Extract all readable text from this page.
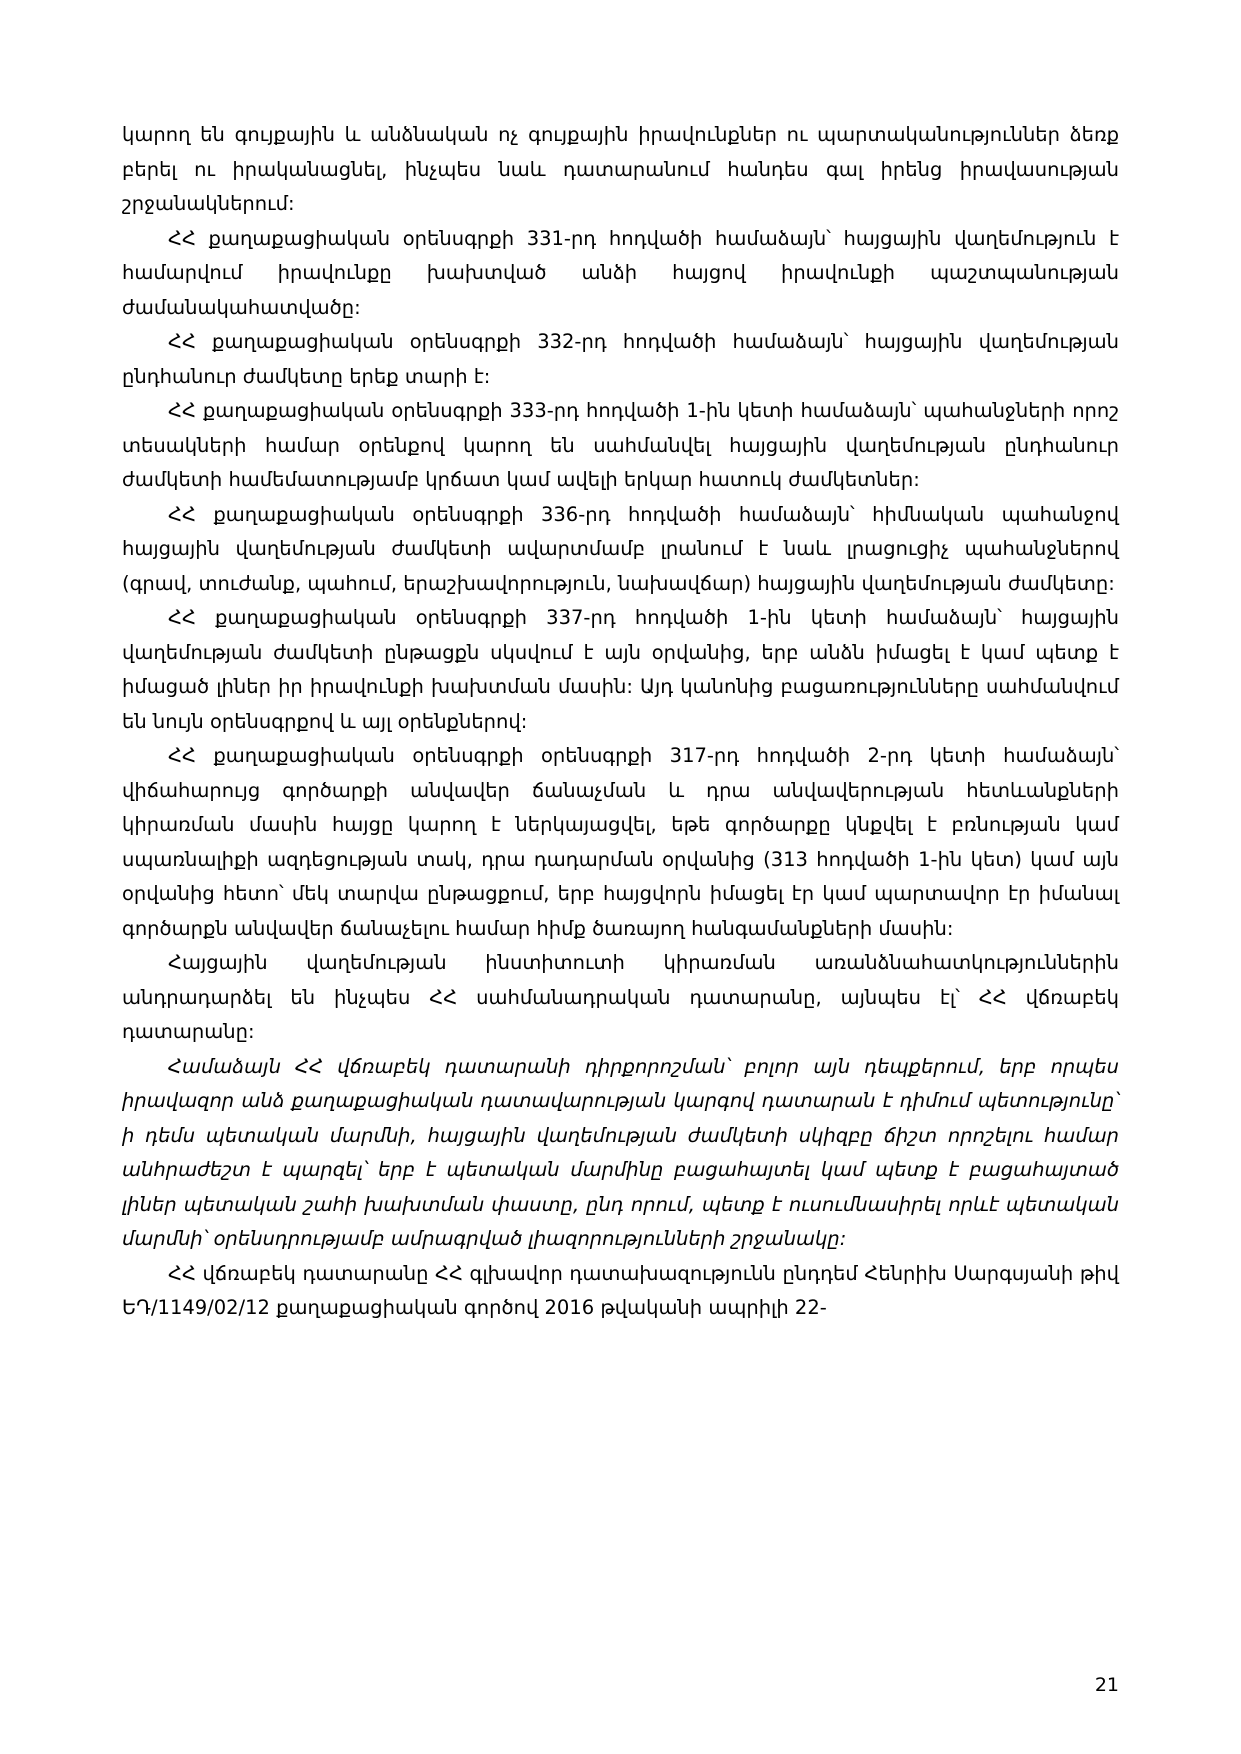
կարող են գույքային և անձնական ոչ գույքային իրավունքներ ու պարտականություններ ձեռք բերել ու իրականացնել, ինչպես նաև դատարանում հանդես գալ իրենց իրավասության շրջանակներում:

ՀՀ քաղաքացիական օրենսգրքի 331-րդ հոդվածի համաձայն՝ հայցային վաղեմություն է համարվում իրավունքը խախտված անձի հայցով իրավունքի պաշտպանության ժամանակահատվածը:

ՀՀ քաղաքացիական օրենսգրքի 332-րդ հոդվածի համաձայն՝ հայցային վաղեմության ընդհանուր ժամկետը երեք տարի է:

ՀՀ քաղաքացիական օրենսգրքի 333-րդ հոդվածի 1-ին կետի համաձայն՝ պահանջների որոշ տեսակների համար օրենքով կարող են սահմանվել հայցային վաղեմության ընդհանուր ժամկետի համեմատությամբ կրճատ կամ ավելի երկար հատուկ ժամկետներ:

ՀՀ քաղաքացիական օրենսգրքի 336-րդ հոդվածի համաձայն՝ հիմնական պահանջով հայցային վաղեմության ժամկետի ավարտմամբ լրանում է նաև լրացուցիչ պահանջներով (գրավ, տուժանք, պահում, երաշխավորություն, նախավճար) հայցային վաղեմության ժամկետը:

ՀՀ քաղաքացիական օրենսգրքի 337-րդ հոդվածի 1-ին կետի համաձայն՝ հայցային վաղեմության ժամկետի ընթացքն սկսվում է այն օրվանից, երբ անձն իմացել է կամ պետք է իմացած լիներ իր իրավունքի խախտման մասին: Այդ կանոնից բացառությունները սահմանվում են նույն օրենսգրքով և այլ օրենքներով:

ՀՀ քաղաքացիական օրենսգրքի օրենսգրքի 317-րդ հոդվածի 2-րդ կետի համաձայն՝ վիճահարույց գործարքի անվավեր ճանաչման և դրա անվավերության հետևանքների կիրառման մասին հայցը կարող է ներկայացվել, եթե գործարքը կնքվել է բռնության կամ սպառնալիքի ազդեցության տակ, դրա դադարման օրվանից (313 հոդվածի 1-ին կետ) կամ այն օրվանից հետո՝ մեկ տարվա ընթացքում, երբ հայցվորն իմացել էր կամ պարտավոր էր իմանալ գործարքն անվավեր ճանաչելու համար հիմք ծառայող հանգամանքների մասին:

Հայցային վաղեմության ինստիտուտի կիրառման առանձնահատկություններին անդրադարձել են ինչպես ՀՀ սահմանադրական դատարանը, այնպես էլ՝ ՀՀ վճռաբեկ դատարանը:

Համաձայն ՀՀ վճռաբեկ դատարանի դիրքորոշման՝ բոլոր այն դեպքերում, երբ որպես իրավազոր անձ քաղաքացիական դատավարության կարգով դատարան է դիմում պետությունը՝ ի դեմս պետական մարմնի, հայցային վաղեմության ժամկետի սկիզբը ճիշտ որոշելու համար անհրաժեշտ է պարզել՝ երբ է պետական մարմինը բացահայտել կամ պետք է բացահայտած լիներ պետական շահի խախտման փաստը, ընդ որում, պետք է ուսումնասիրել որևէ պետական մարմնի՝ օրենսդրությամբ ամրագրված լիազորությունների շրջանակը:

ՀՀ վճռաբեկ դատարանը ՀՀ գլխավոր դատախազությունն ընդդեմ Հենրիխ Սարգսյանի թիվ ԵԴ/1149/02/12 քաղաքացիական գործով 2016 թվականի ապրիլի 22-

21
